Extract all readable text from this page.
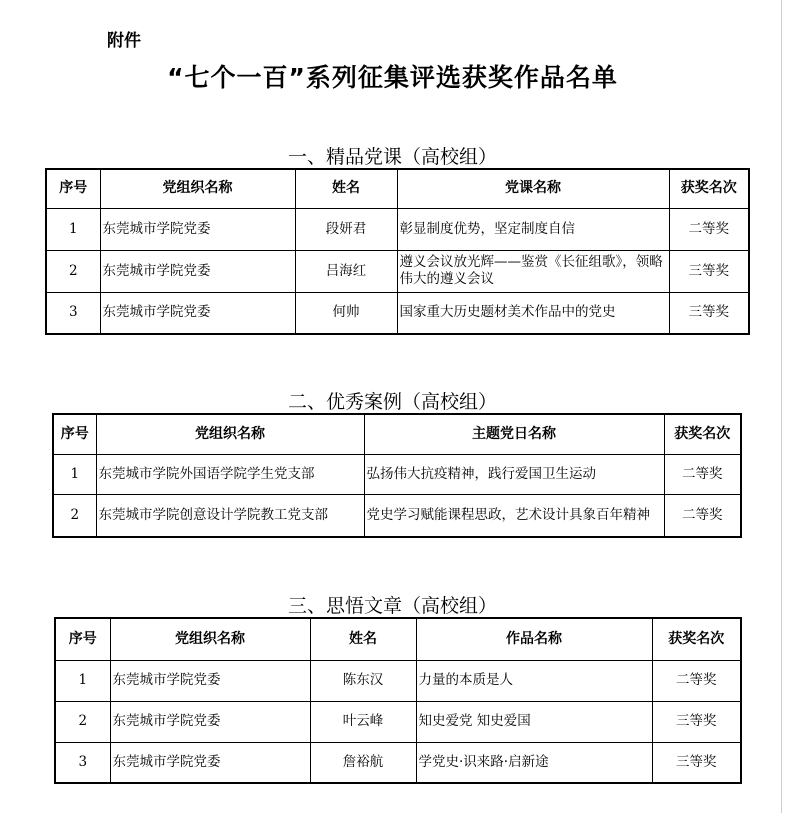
附件
“七个一百”系列征集评选获奖作品名单
一、精品党课（高校组）
序号	党组织名称	姓名	党课名称	获奖名次
1	东莞城市学院党委	段妍君	彰显制度优势，坚定制度自信	二等奖
2	东莞城市学院党委	吕海红	遵义会议放光辉——鉴赏《长征组歌》，领略伟大的遵义会议	三等奖
3	东莞城市学院党委	何帅	国家重大历史题材美术作品中的党史	三等奖
二、优秀案例（高校组）
序号	党组织名称	主题党日名称	获奖名次
1	东莞城市学院外国语学院学生党支部	弘扬伟大抗疫精神，践行爱国卫生运动	二等奖
2	东莞城市学院创意设计学院教工党支部	党史学习赋能课程思政，艺术设计具象百年精神	二等奖
三、思悟文章（高校组）
序号	党组织名称	姓名	作品名称	获奖名次
1	东莞城市学院党委	陈东汉	力量的本质是人	二等奖
2	东莞城市学院党委	叶云峰	知史爱党 知史爱国	三等奖
3	东莞城市学院党委	詹裕航	学党史·识来路·启新途	三等奖
